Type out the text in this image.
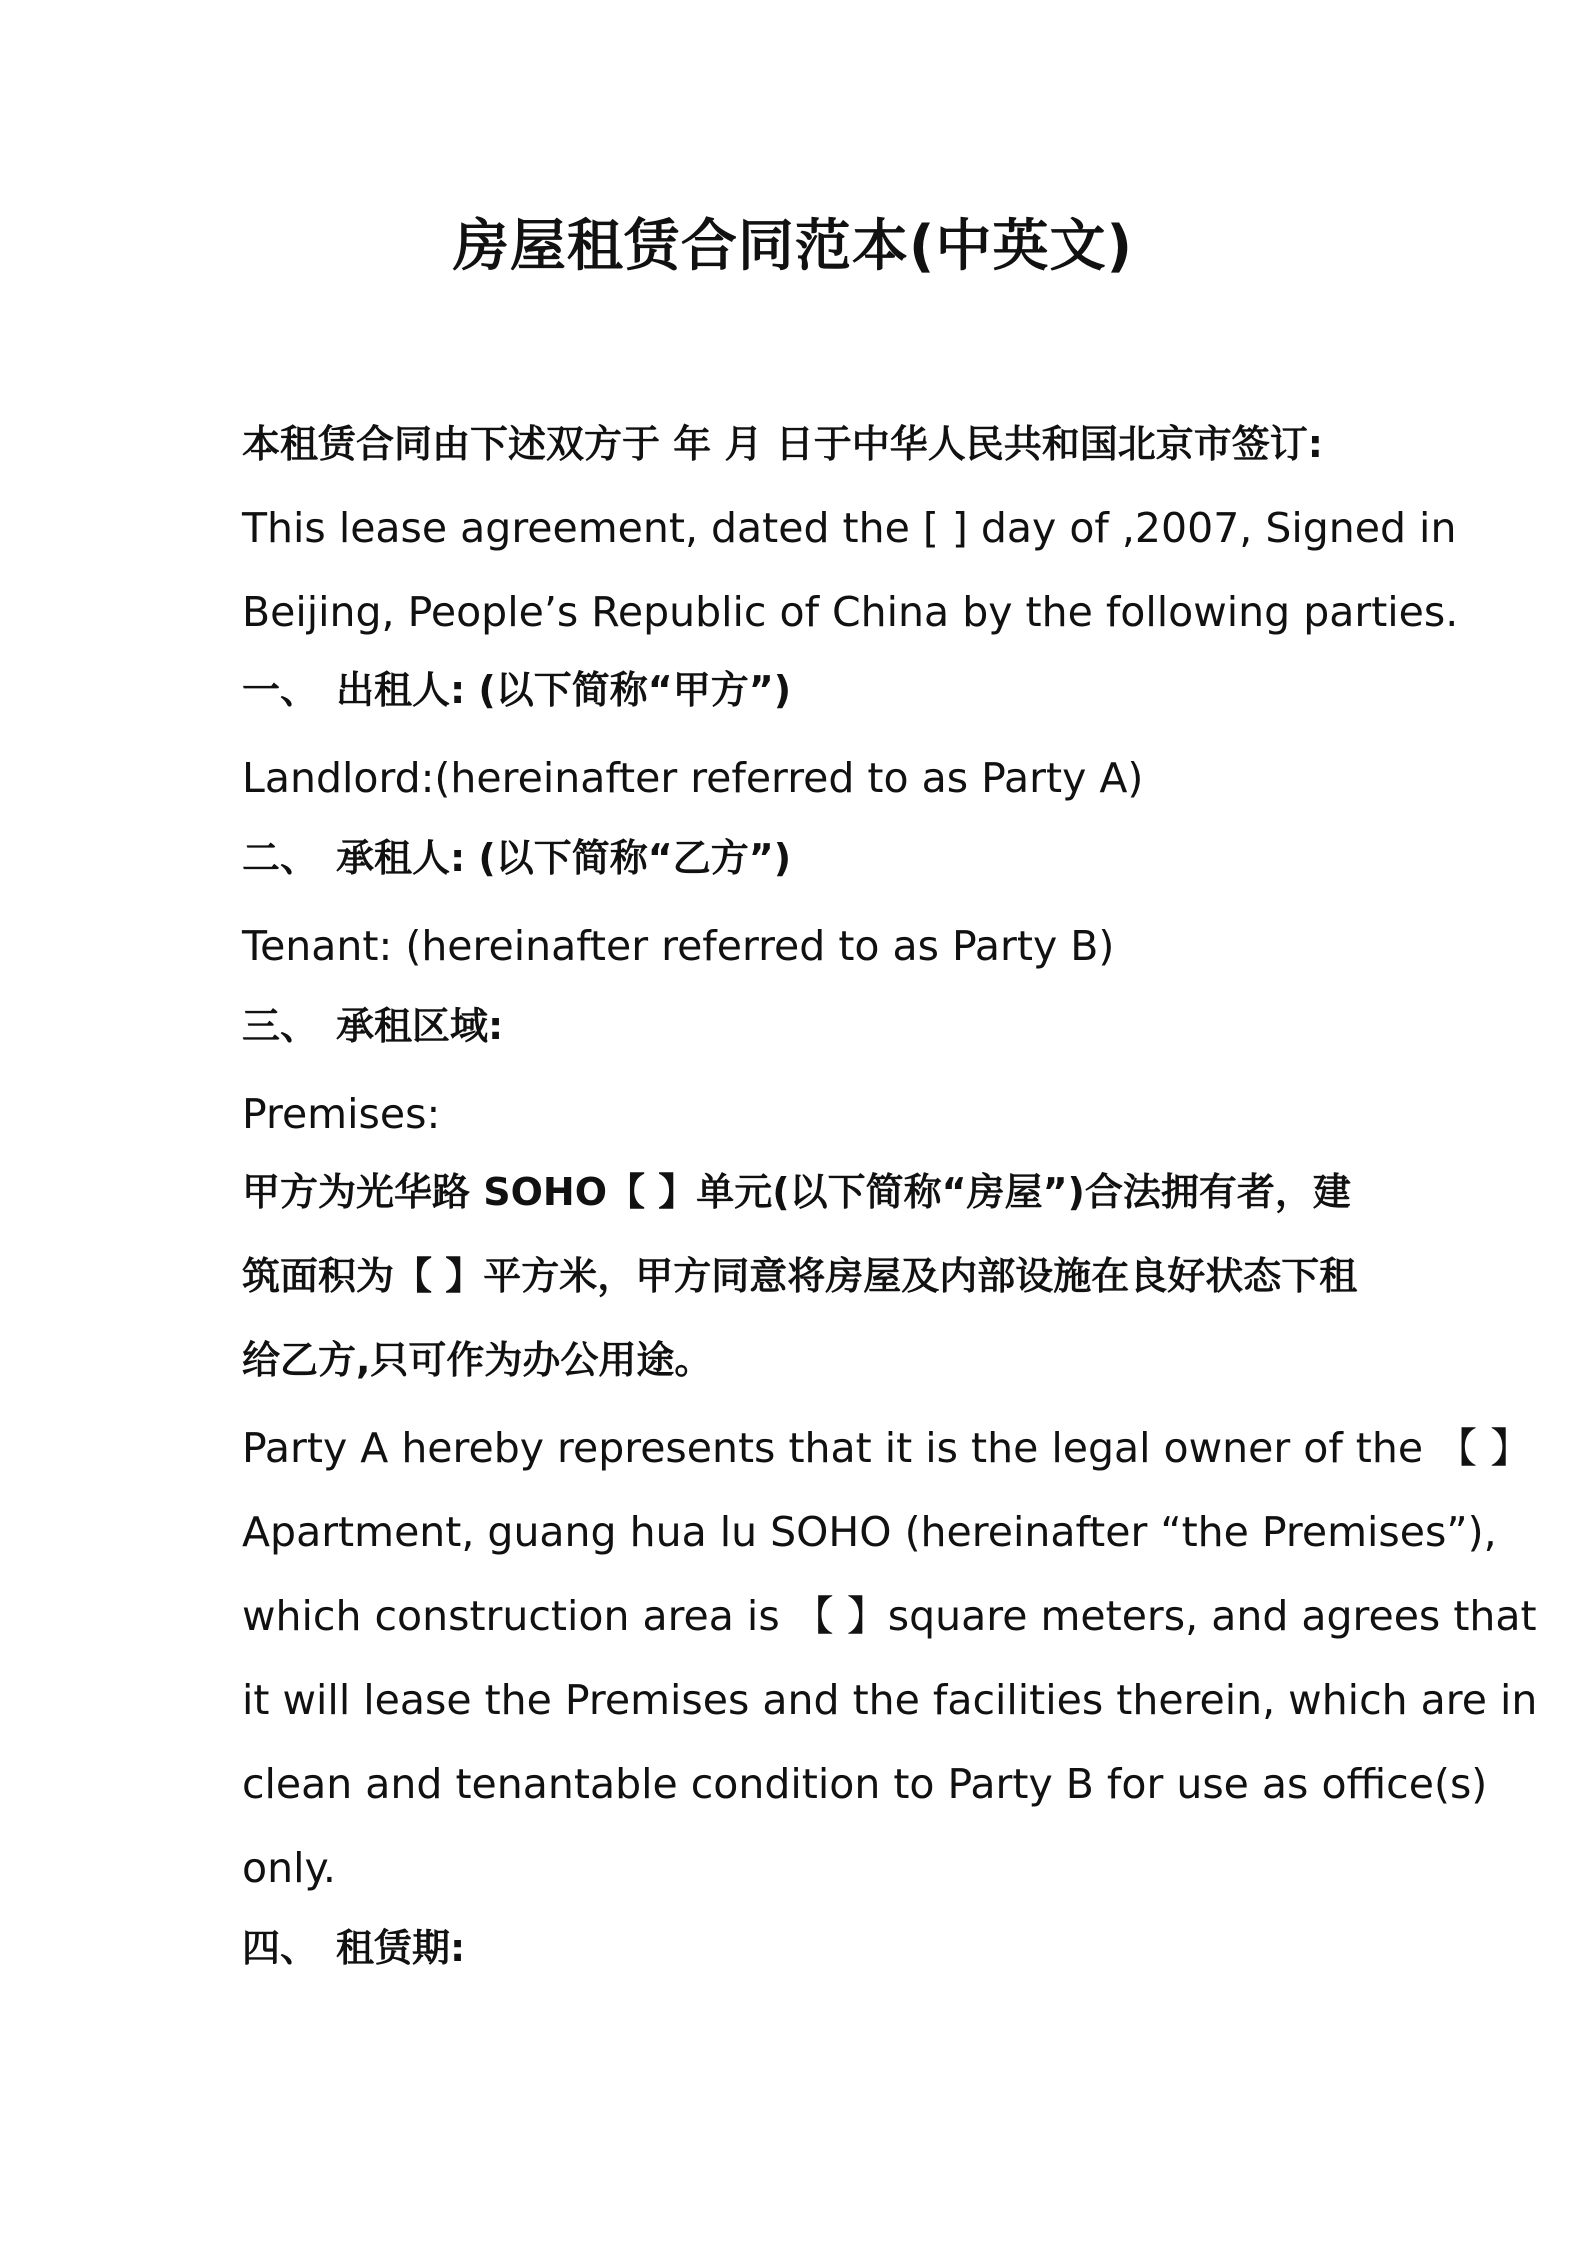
房屋租赁合同范本(中英文)
本租赁合同由下述双方于 年 月 日于中华人民共和国北京市签订:
This lease agreement, dated the [ ] day of ,2007, Signed in
Beijing, People’s Republic of China by the following parties.
一、 出租人: (以下简称“甲方”)
Landlord:(hereinafter referred to as Party A)
二、 承租人: (以下简称“乙方”)
Tenant: (hereinafter referred to as Party B)
三、 承租区域:
Premises:
甲方为光华路 SOHO【 】单元(以下简称“房屋”)合法拥有者，建
筑面积为【 】平方米，甲方同意将房屋及内部设施在良好状态下租
给乙方,只可作为办公用途。
Party A hereby represents that it is the legal owner of the 【 】
Apartment, guang hua lu SOHO (hereinafter “the Premises”),
which construction area is 【 】square meters, and agrees that
it will lease the Premises and the facilities therein, which are in
clean and tenantable condition to Party B for use as office(s)
only.
四、 租赁期:
